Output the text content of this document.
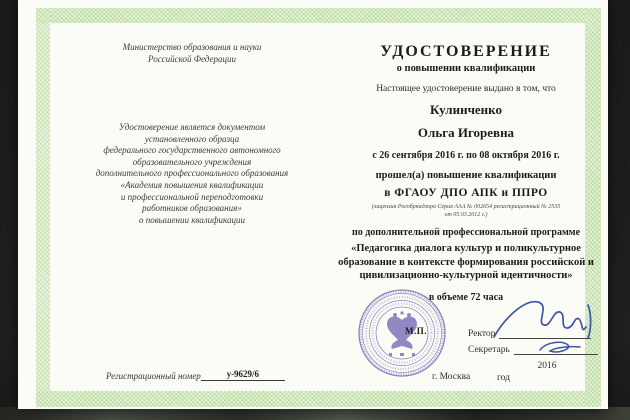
Министерство образования и науки
Российской Федерации
Удостоверение является документом
установленного образца
федерального государственного автономного
образовательного учреждения
дополнительного профессионального образования
«Академия повышения квалификации
и профессиональной переподготовки
работников образования»
о повышении квалификации
Регистрационный номер	у-9629/6
УДОСТОВЕРЕНИЕ
о повышении квалификации
Настоящее удостоверение выдано в том, что
Кулинченко
Ольга Игоревна
с 26 сентября 2016 г. по 08 октября 2016 г.
прошел(а) повышение квалификации
в ФГАОУ ДПО АПК и ППРО
(лицензия Рособрнадзора Серия ААА № 002654 регистрационный № 2535
от 05.03.2012 г.)
по дополнительной профессиональной программе
«Педагогика диалога культур и поликультурное
образование в контексте формирования российской и
цивилизационно-культурной идентичности»
в объеме 72 часа
М.П.	Ректор
Секретарь
2016
г. Москва	год
